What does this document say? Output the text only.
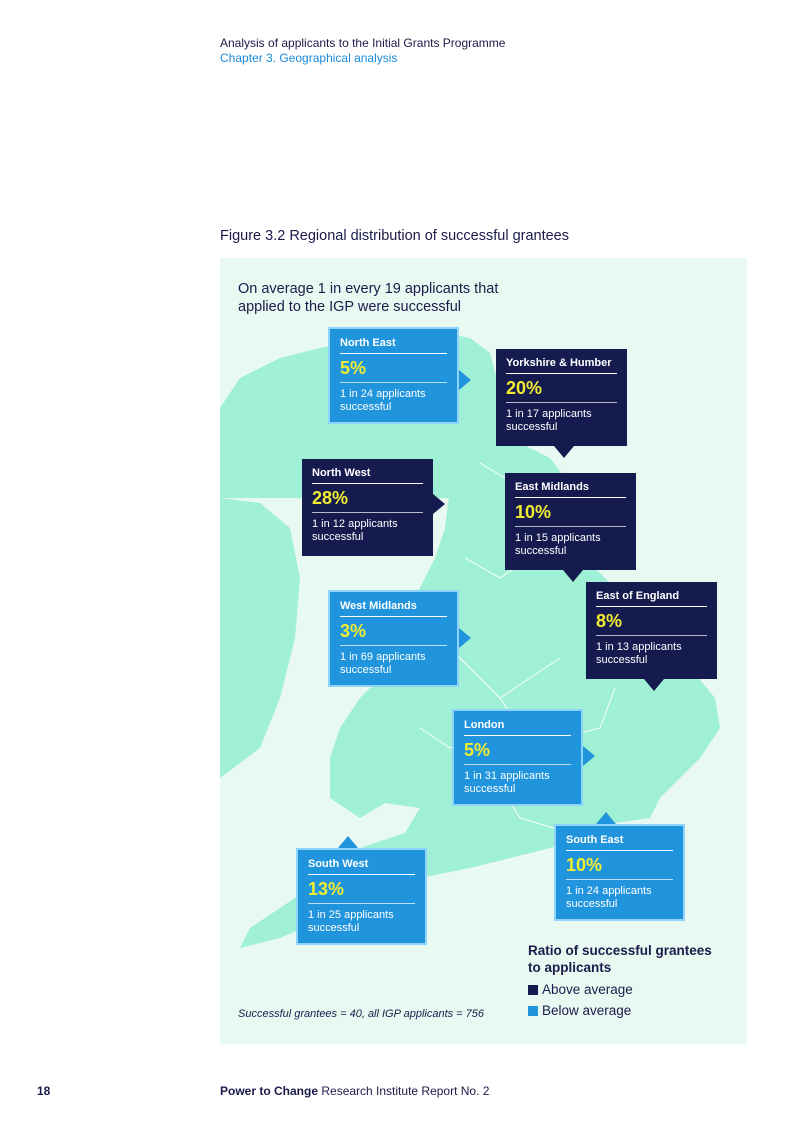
Analysis of applicants to the Initial Grants Programme
Chapter 3. Geographical analysis
Figure 3.2 Regional distribution of successful grantees
On average 1 in every 19 applicants that applied to the IGP were successful
North East
5%
1 in 24 applicants successful
Yorkshire & Humber
20%
1 in 17 applicants successful
North West
28%
1 in 12 applicants successful
East Midlands
10%
1 in 15 applicants successful
West Midlands
3%
1 in 69 applicants successful
East of England
8%
1 in 13 applicants successful
London
5%
1 in 31 applicants successful
South East
10%
1 in 24 applicants successful
South West
13%
1 in 25 applicants successful
Ratio of successful grantees to applicants
Above average
Below average
Successful grantees = 40, all IGP applicants = 756
18	Power to Change Research Institute Report No. 2
